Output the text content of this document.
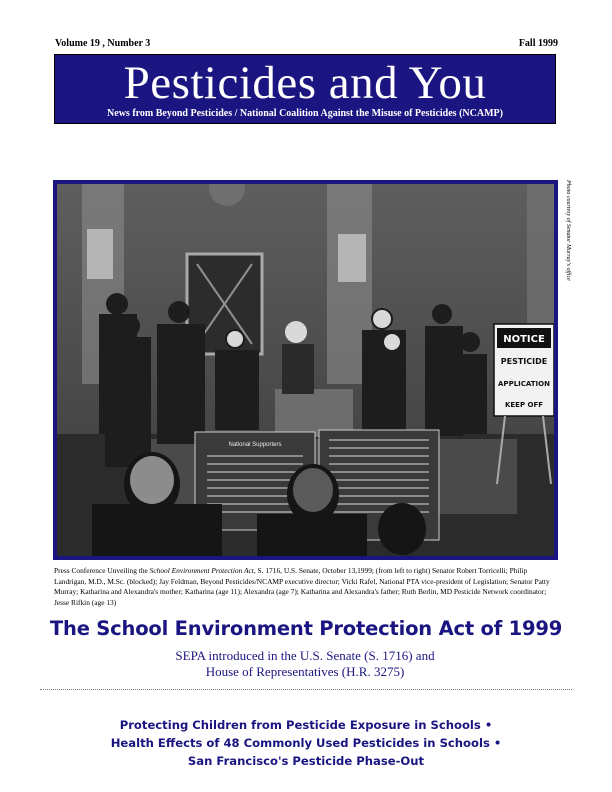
Volume 19 , Number 3	Fall 1999
Pesticides and You
News from Beyond Pesticides / National Coalition Against the Misuse of Pesticides (NCAMP)
National Supporters
NOTICE
PESTICIDE
APPLICATION
KEEP OFF
Photo courtesy of Senator Murray's office
Press Conference Unveiling the School Environment Protection Act, S. 1716, U.S. Senate, October 13,1999; (from left to right) Senator Robert Torricelli; Philip Landrigan, M.D., M.Sc. (blocked); Jay Feldman, Beyond Pesticides/NCAMP executive director; Vicki Rafel, National PTA vice-president of Legislation; Senator Patty Murray; Katharina and Alexandra's mother; Katharina (age 11); Alexandra (age 7); Katharina and Alexandra's father; Ruth Berlin, MD Pesticide Network coordinator; Jesse Rifkin (age 13)
The School Environment Protection Act of 1999
SEPA introduced in the U.S. Senate (S. 1716) and
House of Representatives (H.R. 3275)
Protecting Children from Pesticide Exposure in Schools •
Health Effects of 48 Commonly Used Pesticides in Schools •
San Francisco's Pesticide Phase-Out
